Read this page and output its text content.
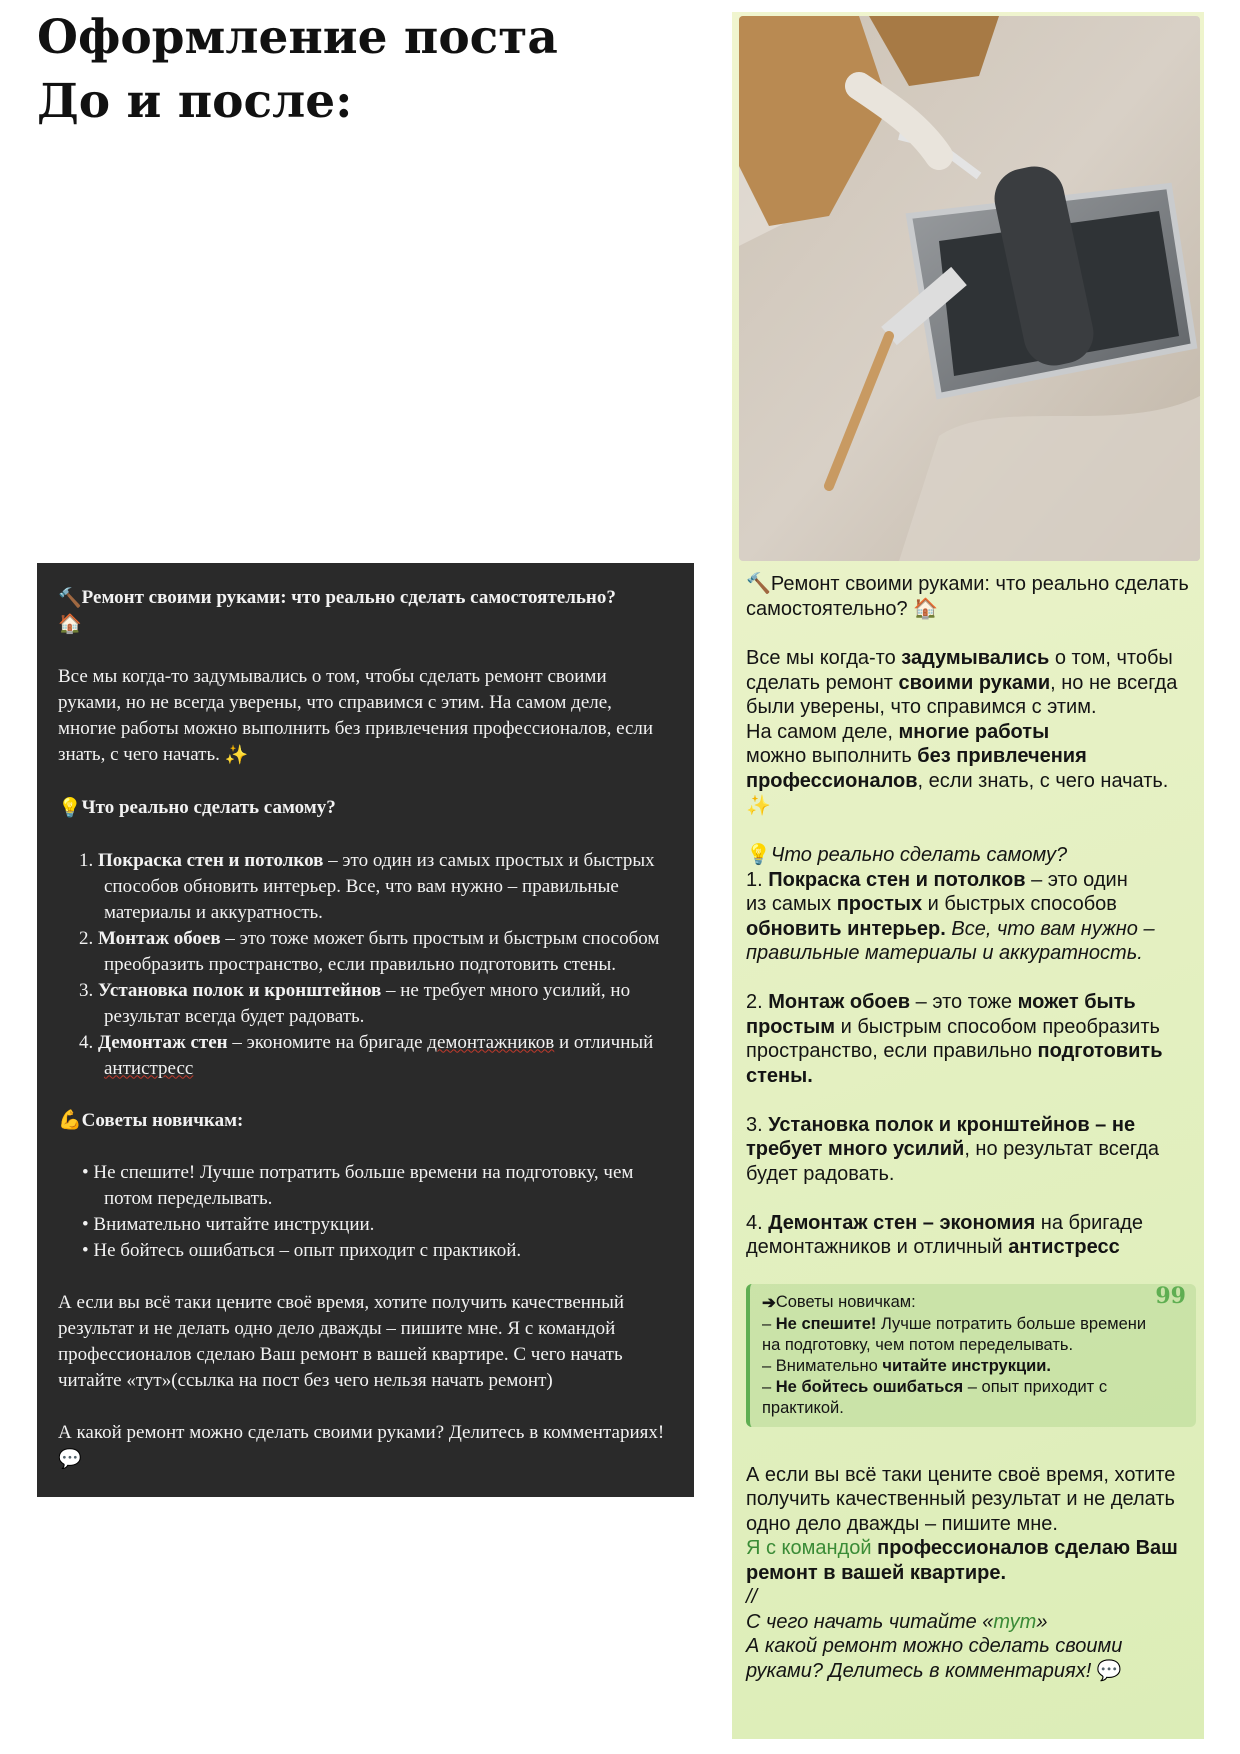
Оформление поста
До и после:

🔨Ремонт своими руками: что реально сделать самостоятельно?
🏠

Все мы когда-то задумывались о том, чтобы сделать ремонт своими руками, но не всегда уверены, что справимся с этим. На самом деле, многие работы можно выполнить без привлечения профессионалов, если знать, с чего начать. ✨

💡Что реально сделать самому?

1. Покраска стен и потолков – это один из самых простых и быстрых способов обновить интерьер. Все, что вам нужно – правильные материалы и аккуратность.
2. Монтаж обоев – это тоже может быть простым и быстрым способом преобразить пространство, если правильно подготовить стены.
3. Установка полок и кронштейнов – не требует много усилий, но результат всегда будет радовать.
4. Демонтаж стен – экономите на бригаде демонтажников и отличный антистресс

💪Советы новичкам:

• Не спешите! Лучше потратить больше времени на подготовку, чем потом переделывать.
• Внимательно читайте инструкции.
• Не бойтесь ошибаться – опыт приходит с практикой.

А если вы всё таки цените своё время, хотите получить качественный результат и не делать одно дело дважды – пишите мне. Я с командой профессионалов сделаю Ваш ремонт в вашей квартире. С чего начать читайте «тут»(ссылка на пост без чего нельзя начать ремонт)

А какой ремонт можно сделать своими руками? Делитесь в комментариях! 💬

🔨Ремонт своими руками: что реально сделать самостоятельно? 🏠

Все мы когда-то задумывались о том, чтобы сделать ремонт своими руками, но не всегда были уверены, что справимся с этим.
На самом деле, многие работы
можно выполнить без привлечения профессионалов, если знать, с чего начать.
✨

💡Что реально сделать самому?
1. Покраска стен и потолков – это один
из самых простых и быстрых способов обновить интерьер. Все, что вам нужно – правильные материалы и аккуратность.

2. Монтаж обоев – это тоже может быть простым и быстрым способом преобразить пространство, если правильно подготовить стены.

3. Установка полок и кронштейнов – не требует много усилий, но результат всегда будет радовать.

4. Демонтаж стен – экономия на бригаде демонтажников и отличный антистресс

99
➔Советы новичкам:
– Не спешите! Лучше потратить больше времени на подготовку, чем потом переделывать.
– Внимательно читайте инструкции.
– Не бойтесь ошибаться – опыт приходит с практикой.

А если вы всё таки цените своё время, хотите получить качественный результат и не делать одно дело дважды – пишите мне.
Я с командой профессионалов сделаю Ваш ремонт в вашей квартире.
//
С чего начать читайте «тут»
А какой ремонт можно сделать своими руками? Делитесь в комментариях! 💬
